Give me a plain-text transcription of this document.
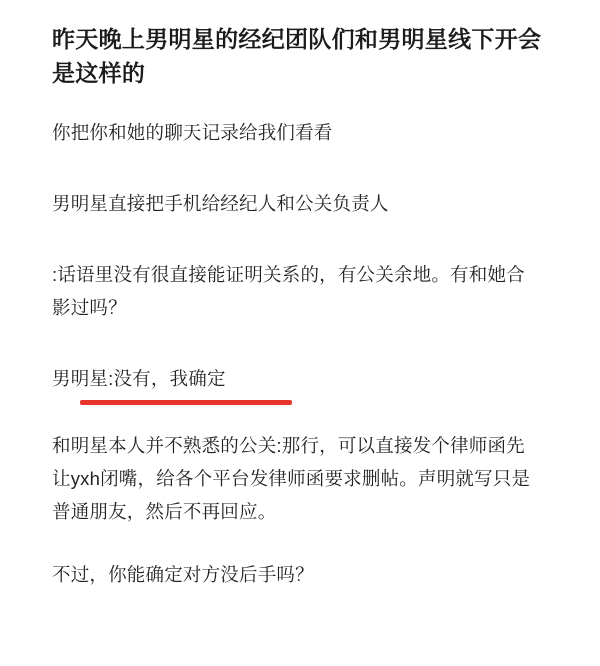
昨天晚上男明星的经纪团队们和男明星线下开会是这样的

你把你和她的聊天记录给我们看看

男明星直接把手机给经纪人和公关负责人

:话语里没有很直接能证明关系的，有公关余地。有和她合影过吗？

男明星:没有，我确定

和明星本人并不熟悉的公关:那行，可以直接发个律师函先让yxh闭嘴，给各个平台发律师函要求删帖。声明就写只是普通朋友，然后不再回应。

不过，你能确定对方没后手吗？
